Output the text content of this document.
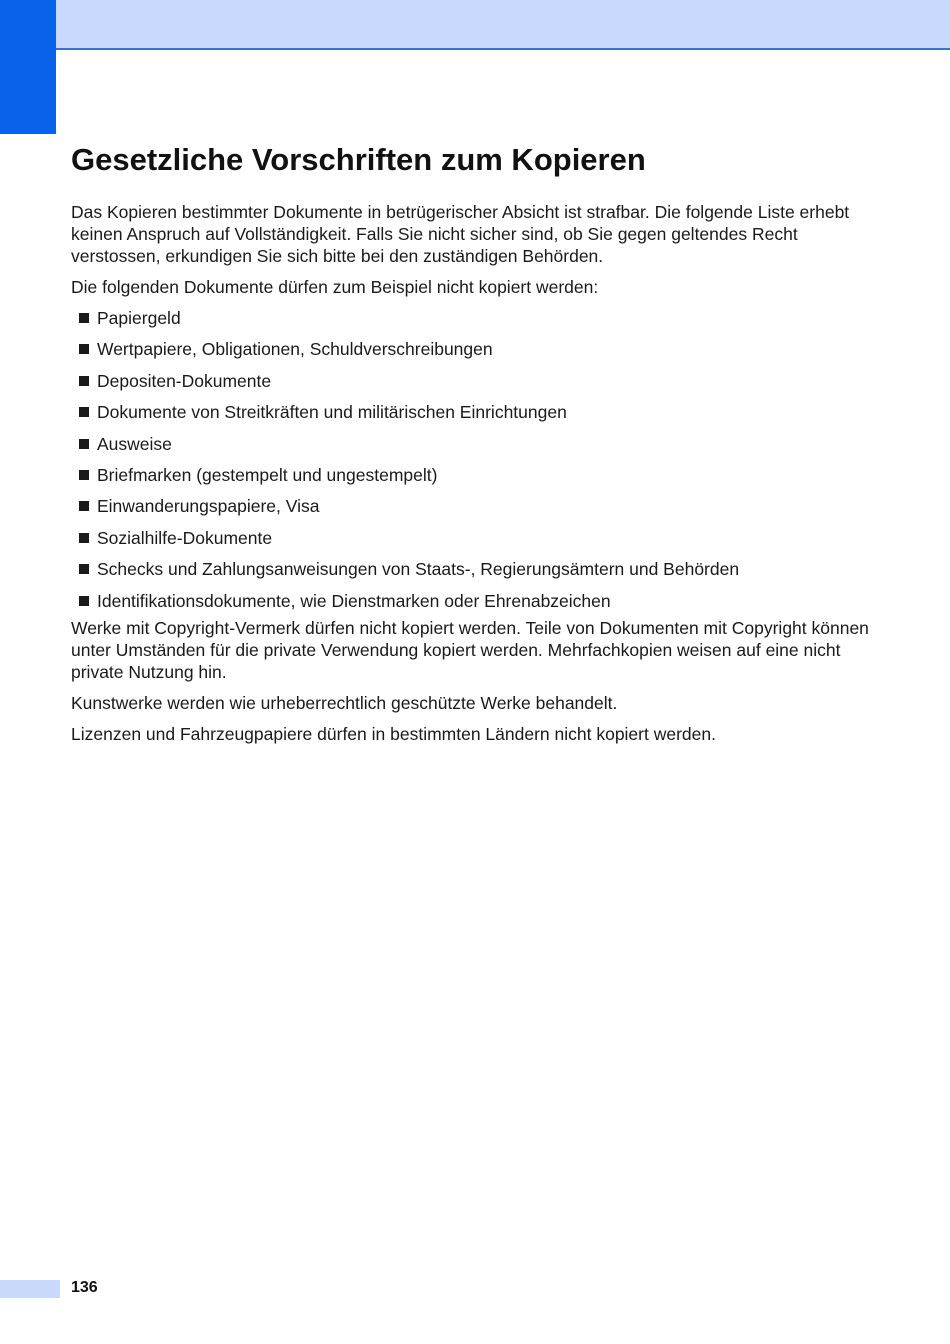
Gesetzliche Vorschriften zum Kopieren

Das Kopieren bestimmter Dokumente in betrügerischer Absicht ist strafbar. Die folgende Liste erhebt keinen Anspruch auf Vollständigkeit. Falls Sie nicht sicher sind, ob Sie gegen geltendes Recht verstossen, erkundigen Sie sich bitte bei den zuständigen Behörden.

Die folgenden Dokumente dürfen zum Beispiel nicht kopiert werden:

Papiergeld
Wertpapiere, Obligationen, Schuldverschreibungen
Depositen-Dokumente
Dokumente von Streitkräften und militärischen Einrichtungen
Ausweise
Briefmarken (gestempelt und ungestempelt)
Einwanderungspapiere, Visa
Sozialhilfe-Dokumente
Schecks und Zahlungsanweisungen von Staats-, Regierungsämtern und Behörden
Identifikationsdokumente, wie Dienstmarken oder Ehrenabzeichen

Werke mit Copyright-Vermerk dürfen nicht kopiert werden. Teile von Dokumenten mit Copyright können unter Umständen für die private Verwendung kopiert werden. Mehrfachkopien weisen auf eine nicht private Nutzung hin.

Kunstwerke werden wie urheberrechtlich geschützte Werke behandelt.

Lizenzen und Fahrzeugpapiere dürfen in bestimmten Ländern nicht kopiert werden.

136
